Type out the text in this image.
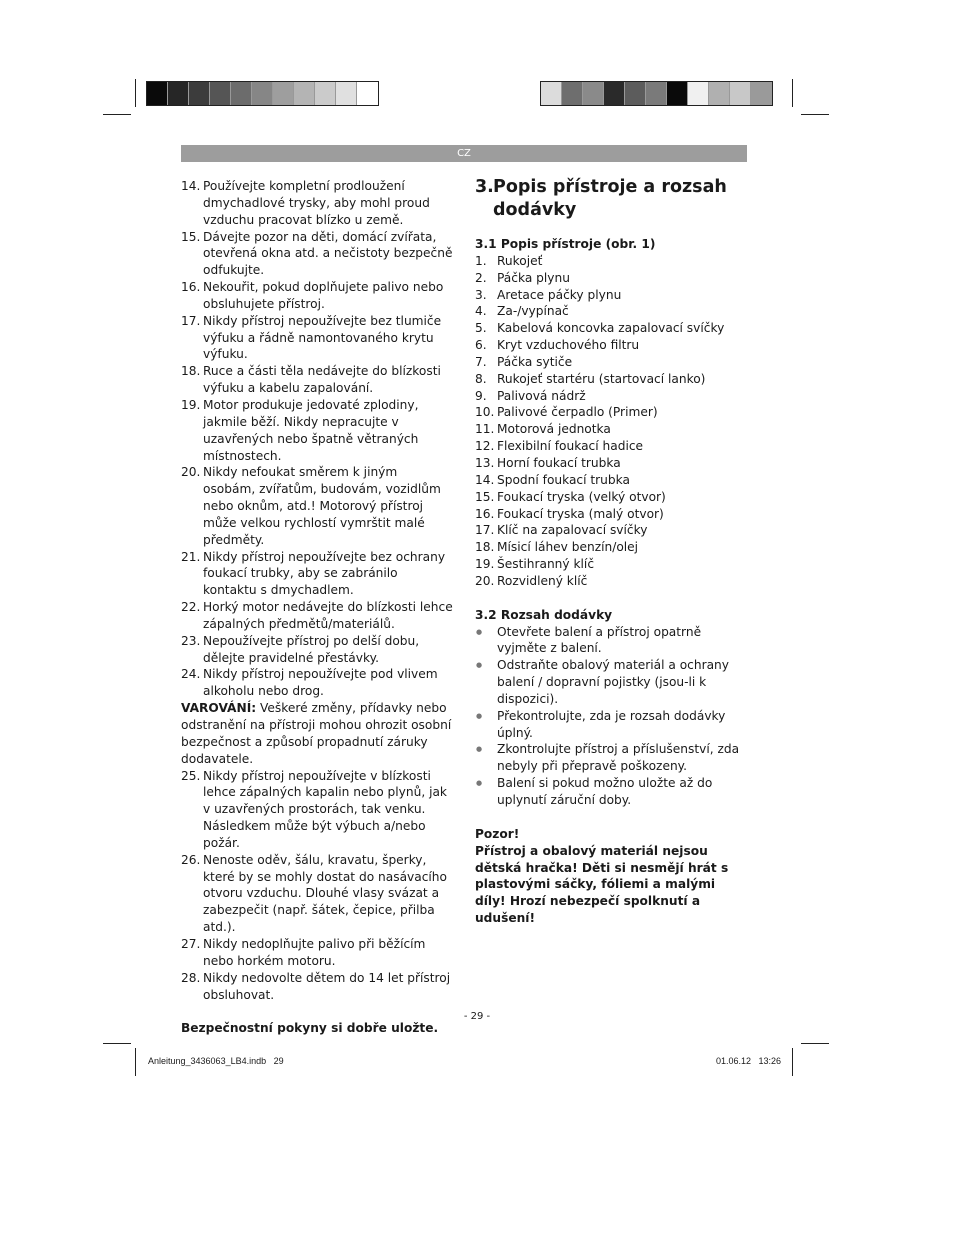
CZ
14. Používejte kompletní prodloužení dmychadlové trysky, aby mohl proud vzduchu pracovat blízko u země.
15. Dávejte pozor na děti, domácí zvířata, otevřená okna atd. a nečistoty bezpečně odfukujte.
16. Nekouřit, pokud doplňujete palivo nebo obsluhujete přístroj.
17. Nikdy přístroj nepoužívejte bez tlumiče výfuku a řádně namontovaného krytu výfuku.
18. Ruce a části těla nedávejte do blízkosti výfuku a kabelu zapalování.
19. Motor produkuje jedovaté zplodiny, jakmile běží. Nikdy nepracujte v uzavřených nebo špatně větraných místnostech.
20. Nikdy nefoukat směrem k jiným osobám, zvířatům, budovám, vozidlům nebo oknům, atd.! Motorový přístroj může velkou rychlostí vymrštit malé předměty.
21. Nikdy přístroj nepoužívejte bez ochrany foukací trubky, aby se zabránilo kontaktu s dmychadlem.
22. Horký motor nedávejte do blízkosti lehce zápalných předmětů/materiálů.
23. Nepoužívejte přístroj po delší dobu, dělejte pravidelné přestávky.
24. Nikdy přístroj nepoužívejte pod vlivem alkoholu nebo drog.
VAROVÁNÍ: Veškeré změny, přídavky nebo odstranění na přístroji mohou ohrozit osobní bezpečnost a způsobí propadnutí záruky dodavatele.
25. Nikdy přístroj nepoužívejte v blízkosti lehce zápalných kapalin nebo plynů, jak v uzavřených prostorách, tak venku. Následkem může být výbuch a/nebo požár.
26. Nenoste oděv, šálu, kravatu, šperky, které by se mohly dostat do nasávacího otvoru vzduchu. Dlouhé vlasy svázat a zabezpečit (např. šátek, čepice, přilba atd.).
27. Nikdy nedoplňujte palivo při běžícím nebo horkém motoru.
28. Nikdy nedovolte dětem do 14 let přístroj obsluhovat.
Bezpečnostní pokyny si dobře uložte.
3. Popis přístroje a rozsah dodávky
3.1 Popis přístroje (obr. 1)
1. Rukojeť
2. Páčka plynu
3. Aretace páčky plynu
4. Za-/vypínač
5. Kabelová koncovka zapalovací svíčky
6. Kryt vzduchového filtru
7. Páčka sytiče
8. Rukojeť startéru (startovací lanko)
9. Palivová nádrž
10. Palivové čerpadlo (Primer)
11. Motorová jednotka
12. Flexibilní foukací hadice
13. Horní foukací trubka
14. Spodní foukací trubka
15. Foukací tryska (velký otvor)
16. Foukací tryska (malý otvor)
17. Klíč na zapalovací svíčky
18. Mísicí láhev benzín/olej
19. Šestihranný klíč
20. Rozvidlený klíč
3.2 Rozsah dodávky
● Otevřete balení a přístroj opatrně vyjměte z balení.
● Odstraňte obalový materiál a ochrany balení / dopravní pojistky (jsou-li k dispozici).
● Překontrolujte, zda je rozsah dodávky úplný.
● Zkontrolujte přístroj a příslušenství, zda nebyly při přepravě poškozeny.
● Balení si pokud možno uložte až do uplynutí záruční doby.
Pozor!
Přístroj a obalový materiál nejsou dětská hračka! Děti si nesmějí hrát s plastovými sáčky, fóliemi a malými díly! Hrozí nebezpečí spolknutí a udušení!
- 29 -
Anleitung_3436063_LB4.indb   29	01.06.12   13:26
